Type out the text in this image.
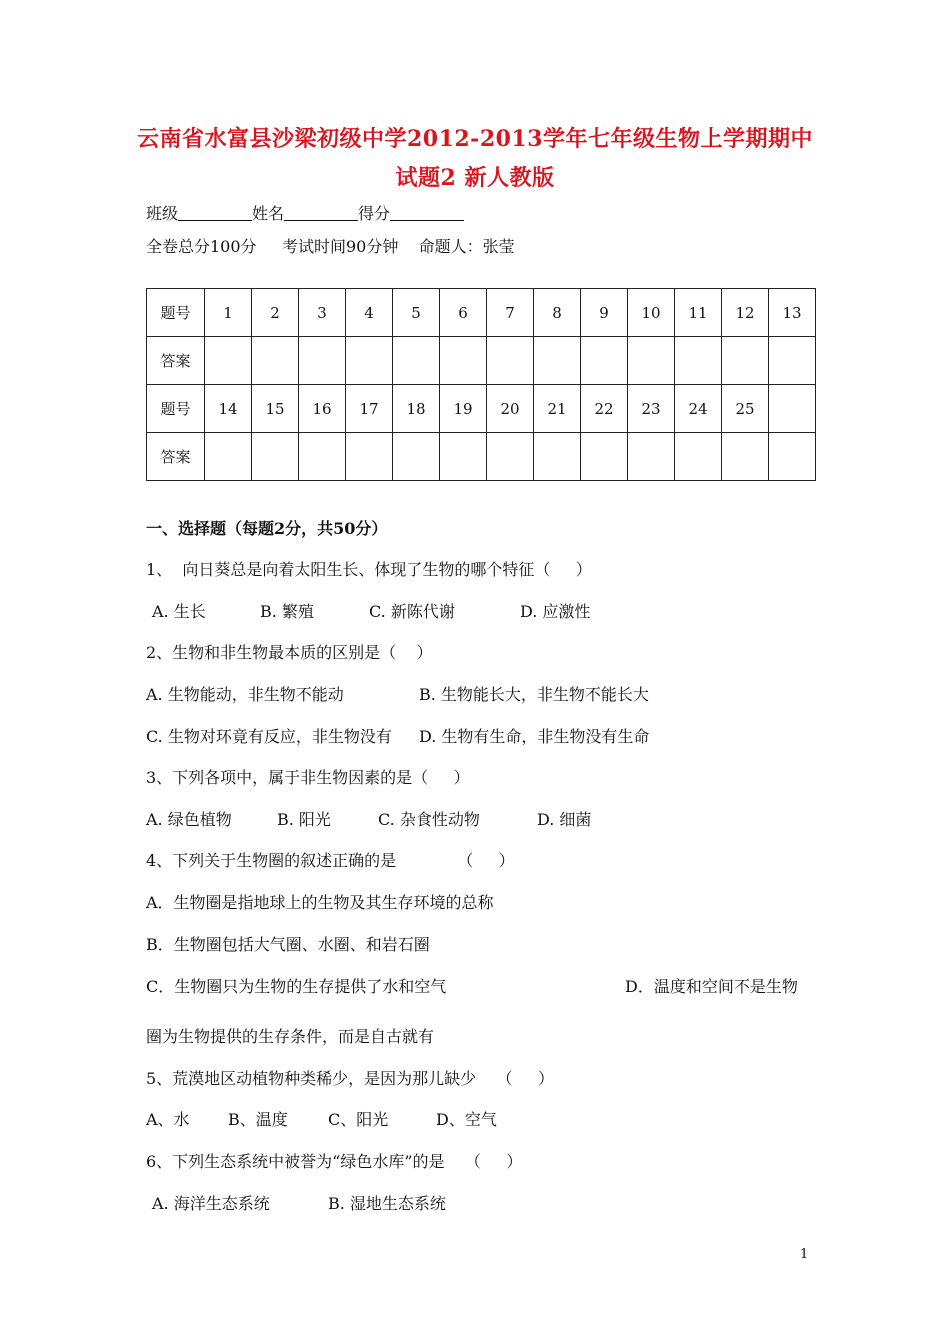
云南省水富县沙梁初级中学2012-2013学年七年级生物上学期期中
试题2 新人教版
班级	姓名	得分
全卷总分100分     考试时间90分钟    命题人：张莹
题号	1	2	3	4	5	6	7	8	9	10	11	12	13
答案													
题号	14	15	16	17	18	19	20	21	22	23	24	25	
答案													
一、选择题（每题2分，共50分）
1、  向日葵总是向着太阳生长、体现了生物的哪个特征（     ）
A. 生长	B. 繁殖	C. 新陈代谢	D. 应激性
2、生物和非生物最本质的区别是（    ）
A. 生物能动，非生物不能动	B. 生物能长大，非生物不能长大
C. 生物对环竟有反应，非生物没有 D. 生物有生命，非生物没有生命
3、下列各项中，属于非生物因素的是（     ）
A. 绿色植物	B. 阳光	C. 杂食性动物	D. 细菌
4、下列关于生物圈的叙述正确的是            （     ）
A．生物圈是指地球上的生物及其生存环境的总称
B．生物圈包括大气圈、水圈、和岩石圈
C．生物圈只为生物的生存提供了水和空气	D．温度和空间不是生物
圈为生物提供的生存条件，而是自古就有
5、荒漠地区动植物种类稀少，是因为那儿缺少    （     ）
A、水 B、温度	C、阳光	D、空气
6、下列生态系统中被誉为“绿色水库”的是    （     ）
A. 海洋生态系统	B. 湿地生态系统
1
